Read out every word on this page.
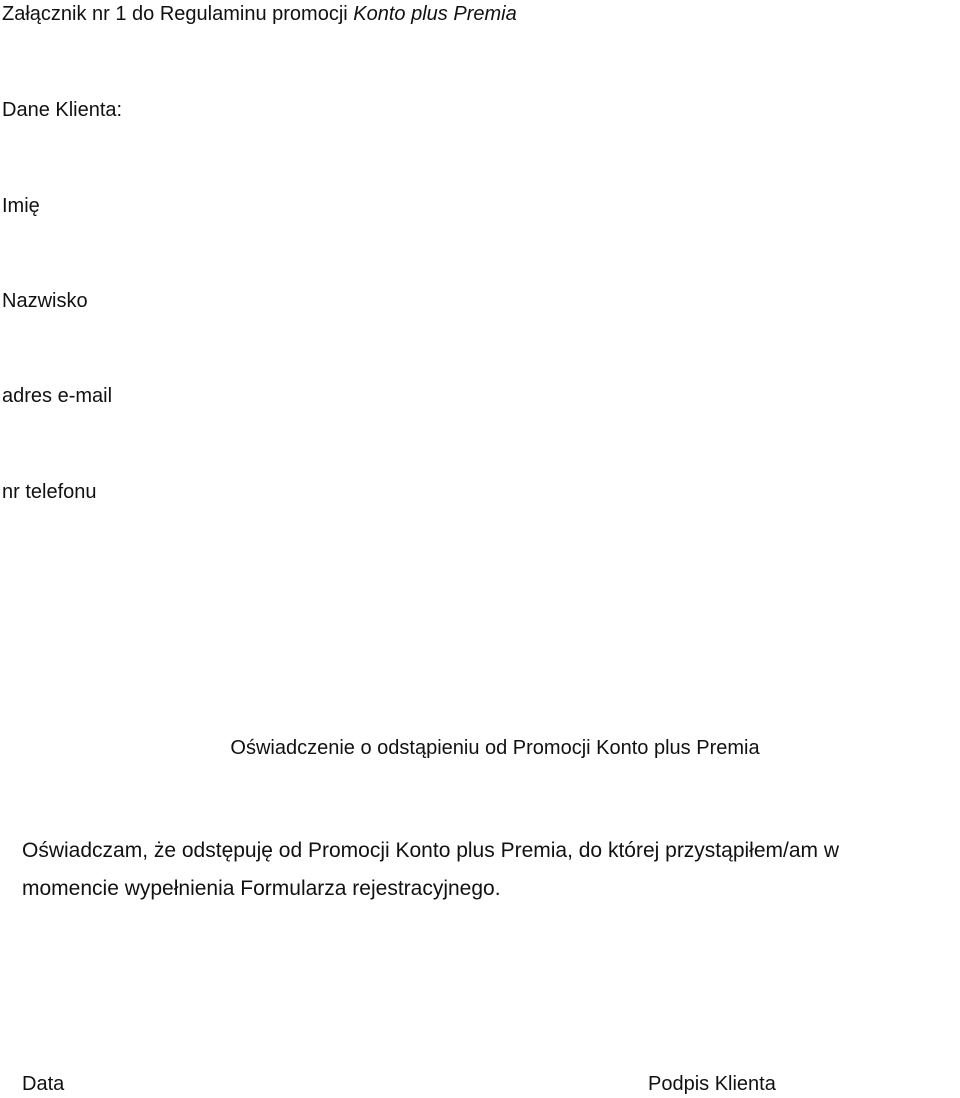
Załącznik nr 1 do Regulaminu promocji Konto plus Premia
Dane Klienta:
Imię
Nazwisko
adres e-mail
nr telefonu
Oświadczenie o odstąpieniu od Promocji Konto plus Premia
Oświadczam, że odstępuję od Promocji Konto plus Premia, do której przystąpiłem/am w
momencie wypełnienia Formularza rejestracyjnego.
Data	Podpis Klienta
